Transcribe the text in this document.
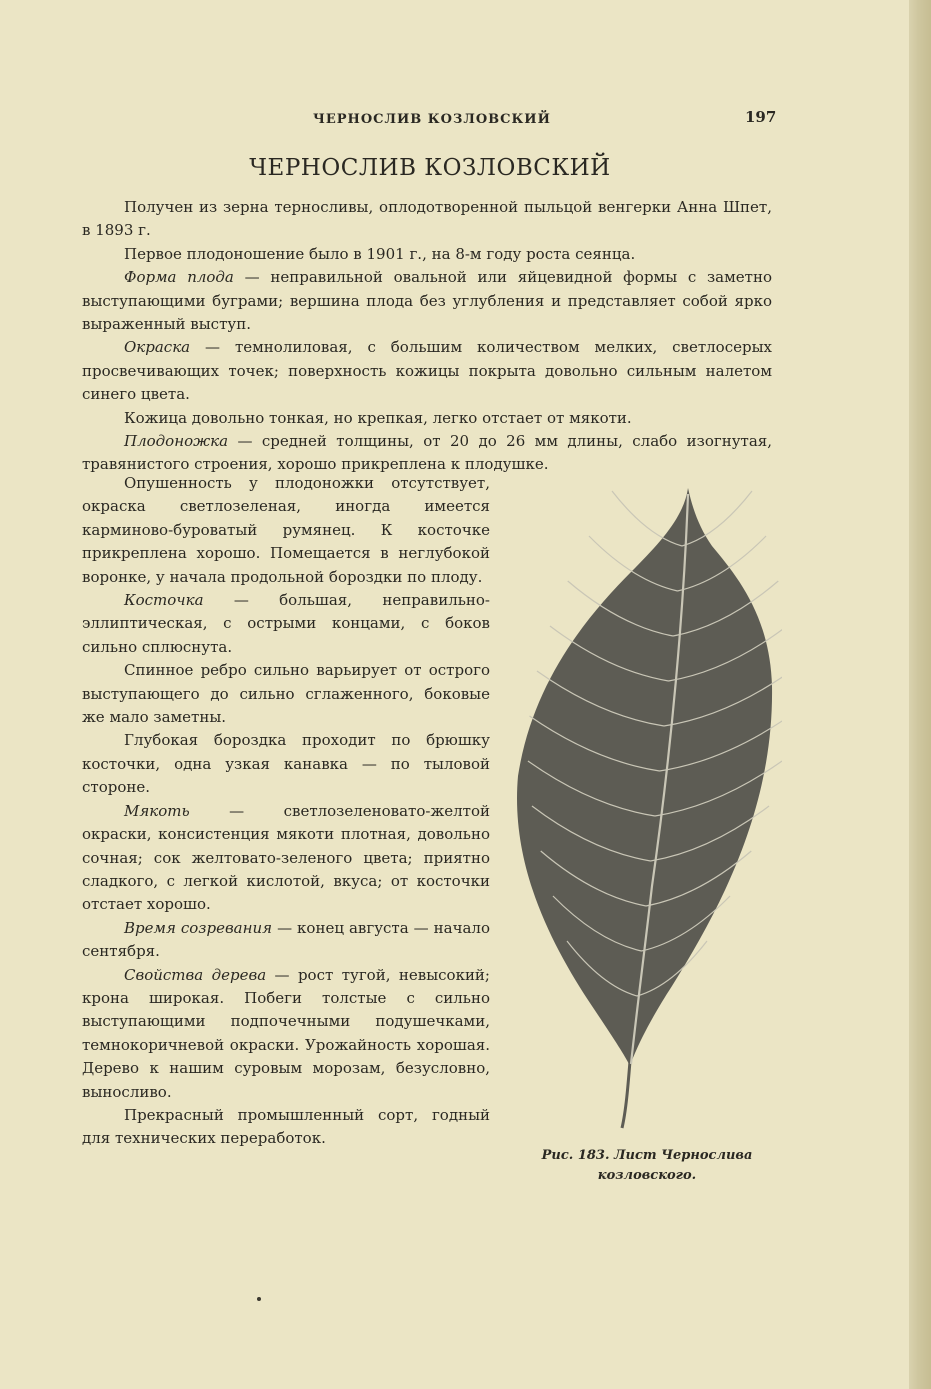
ЧЕРНОСЛИВ КОЗЛОВСКИЙ	197
ЧЕРНОСЛИВ КОЗЛОВСКИЙ

Получен из зерна терносливы, оплодотворенной пыльцой венгерки Анна Шпет, в 1893 г.

Первое плодоношение было в 1901 г., на 8-м году роста сеянца.

Форма плода — неправильной овальной или яйцевидной формы с заметно выступающими буграми; вершина плода без углубления и представляет собой ярко выраженный выступ.

Окраска — темнолиловая, с большим количеством мелких, светлосерых просвечивающих точек; поверхность кожицы покрыта довольно сильным налетом синего цвета.

Кожица довольно тонкая, но крепкая, легко отстает от мякоти.

Плодоножка — средней толщины, от 20 до 26 мм длины, слабо изогнутая, травянистого строения, хорошо прикреплена к плодушке.

Опушенность у плодоножки отсутствует, окраска светлозеленая, иногда имеется карминово-буроватый румянец. К косточке прикреплена хорошо. Помещается в неглубокой воронке, у начала продольной бороздки по плоду.

Косточка — большая, неправильно-эллиптическая, с острыми концами, с боков сильно сплюснута.

Спинное ребро сильно варьирует от острого выступающего до сильно сглаженного, боковые же мало заметны.

Глубокая бороздка проходит по брюшку косточки, одна узкая канавка — по тыловой стороне.

Мякоть — светлозеленовато-желтой окраски, консистенция мякоти плотная, довольно сочная; сок желтовато-зеленого цвета; приятно сладкого, с легкой кислотой, вкуса; от косточки отстает хорошо.

Время созревания — конец августа — начало сентября.

Свойства дерева — рост тугой, невысокий; крона широкая. Побеги толстые с сильно выступающими подпочечными подушечками, темнокоричневой окраски. Урожайность хорошая. Дерево к нашим суровым морозам, безусловно, выносливо.

Прекрасный промышленный сорт, годный для технических переработок.

Рис. 183. Лист Чернослива
козловского.
